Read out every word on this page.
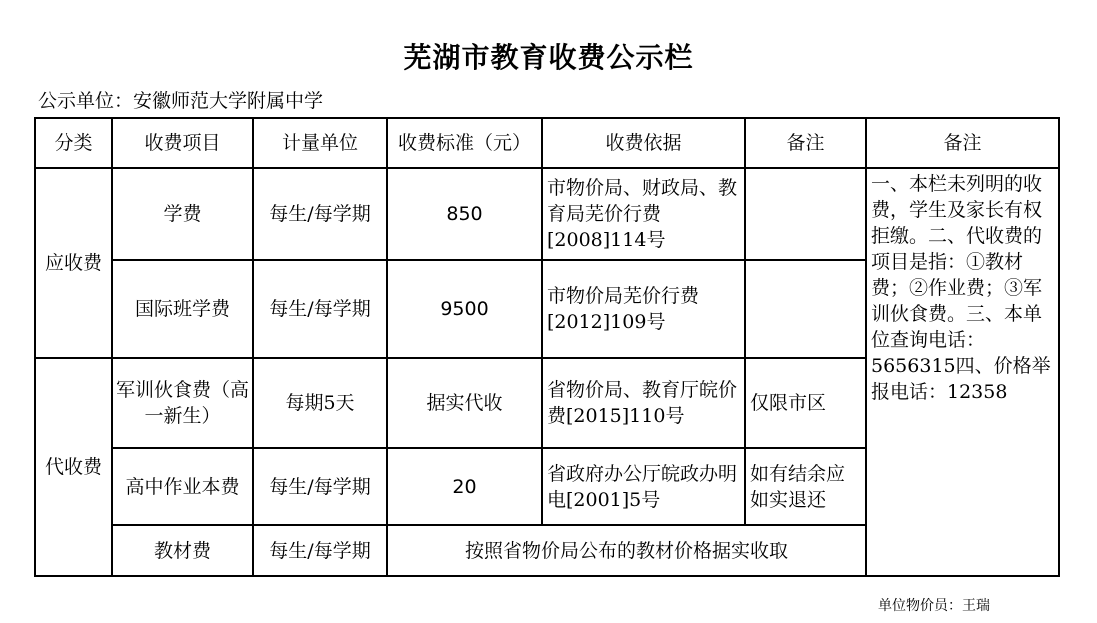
芜湖市教育收费公示栏
公示单位：安徽师范大学附属中学
分类	收费项目	计量单位	收费标准（元）	收费依据	备注	备注
应收费	学费	每生/每学期	850	市物价局、财政局、教育局芜价行费[2008]114号		一、本栏未列明的收费，学生及家长有权拒缴。二、代收费的项目是指：①教材费；②作业费；③军训伙食费。三、本单位查询电话：5656315四、价格举报电话：12358
	国际班学费	每生/每学期	9500	市物价局芜价行费[2012]109号		
代收费	军训伙食费（高一新生）	每期5天	据实代收	省物价局、教育厅皖价费[2015]110号	仅限市区	
	高中作业本费	每生/每学期	20	省政府办公厅皖政办明电[2001]5号	如有结余应如实退还	
	教材费	每生/每学期	按照省物价局公布的教材价格据实收取			
单位物价员：王瑞
